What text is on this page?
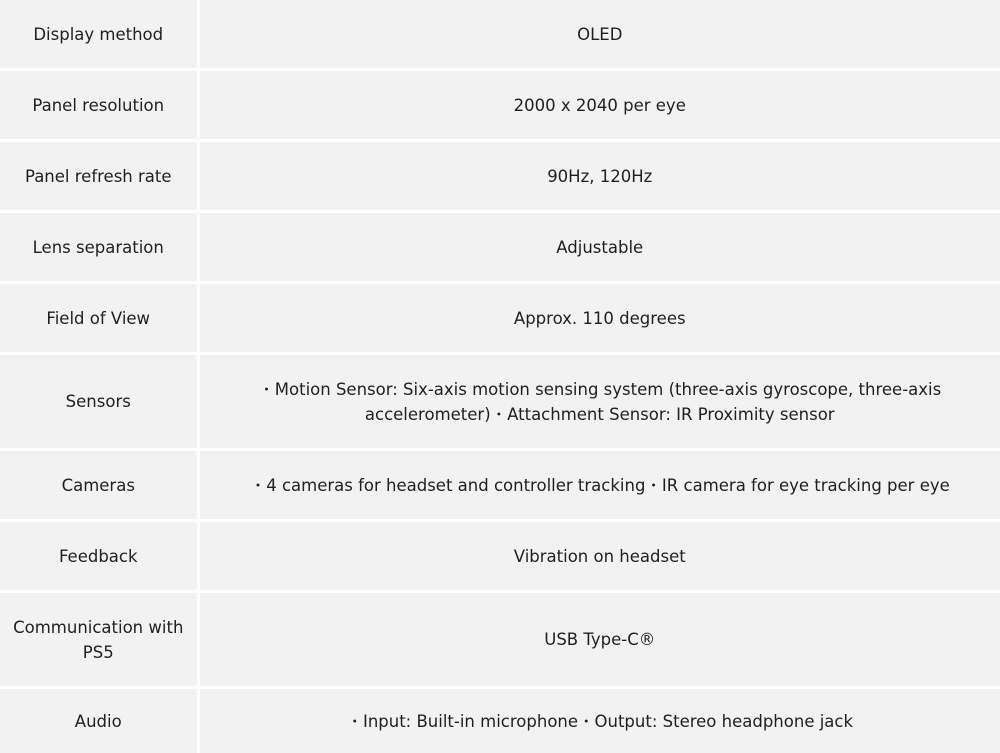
Display method	OLED
Panel resolution	2000 x 2040 per eye
Panel refresh rate	90Hz, 120Hz
Lens separation	Adjustable
Field of View	Approx. 110 degrees
Sensors	・Motion Sensor: Six-axis motion sensing system (three-axis gyroscope, three-axis accelerometer)・Attachment Sensor: IR Proximity sensor
Cameras	・4 cameras for headset and controller tracking・IR camera for eye tracking per eye
Feedback	Vibration on headset
Communication with PS5	USB Type-C®
Audio	・Input: Built-in microphone・Output: Stereo headphone jack
